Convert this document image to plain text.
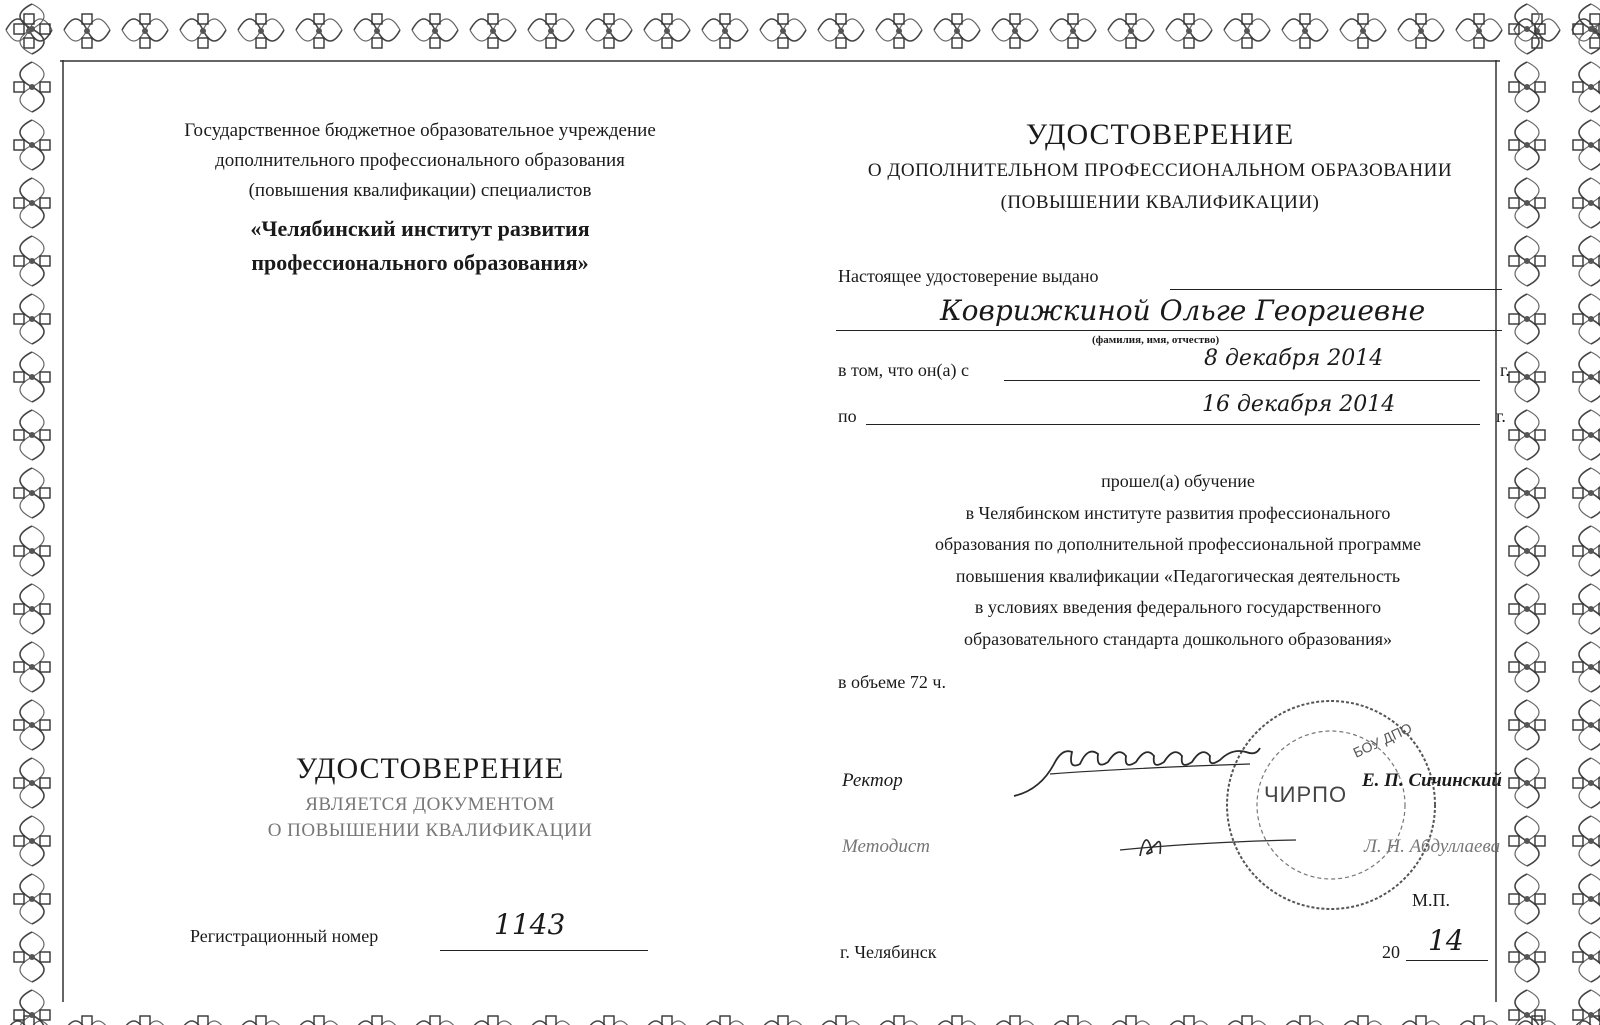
Государственное бюджетное образовательное учреждение
дополнительного профессионального образования
(повышения квалификации) специалистов
«Челябинский институт развития
профессионального образования»
УДОСТОВЕРЕНИЕ
ЯВЛЯЕТСЯ ДОКУМЕНТОМ
О ПОВЫШЕНИИ КВАЛИФИКАЦИИ
Регистрационный номер	1143
УДОСТОВЕРЕНИЕ
О ДОПОЛНИТЕЛЬНОМ ПРОФЕССИОНАЛЬНОМ ОБРАЗОВАНИИ
(ПОВЫШЕНИИ КВАЛИФИКАЦИИ)
Настоящее удостоверение выдано
Коврижкиной Ольге Георгиевне
(фамилия, имя, отчество)
в том, что он(а) с	8 декабря 2014	г.
по	16 декабря 2014	г.
прошел(а) обучение
в Челябинском институте развития профессионального
образования по дополнительной профессиональной программе
повышения квалификации «Педагогическая деятельность
в условиях введения федерального государственного
образовательного стандарта дошкольного образования»
в объеме 72 ч.
БОУ ДПО
ЧИРПО
Ректор	Е. П. Сичинский
Методист	Л. Н. Абдуллаева
М.П.
г. Челябинск	20 14
